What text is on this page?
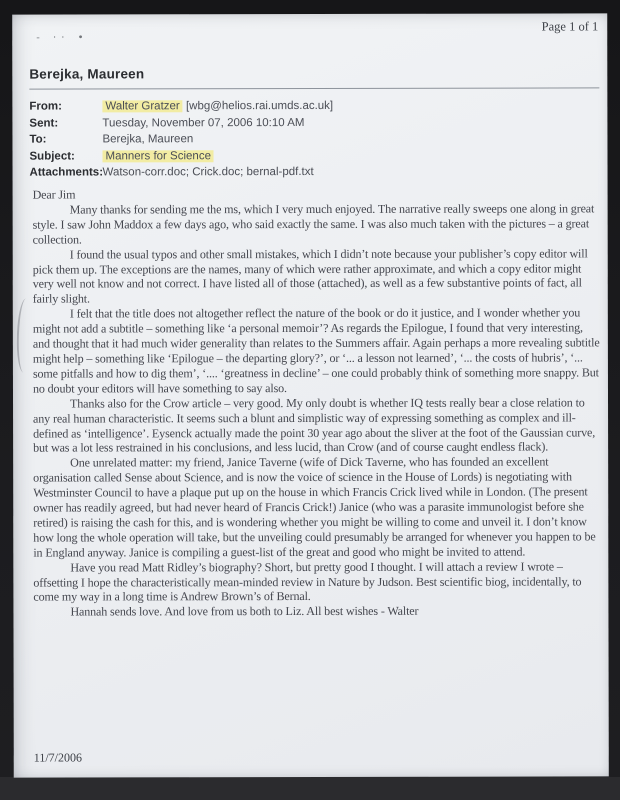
Page 1 of 1
- ·· •
Berejka, Maureen
From:	Walter Gratzer [wbg@helios.rai.umds.ac.uk]
Sent:	Tuesday, November 07, 2006 10:10 AM
To:	Berejka, Maureen
Subject:	Manners for Science
Attachments: Watson-corr.doc; Crick.doc; bernal-pdf.txt

Dear Jim

Many thanks for sending me the ms, which I very much enjoyed. The narrative really sweeps one along in great style. I saw John Maddox a few days ago, who said exactly the same. I was also much taken with the pictures – a great collection.

I found the usual typos and other small mistakes, which I didn’t note because your publisher’s copy editor will pick them up. The exceptions are the names, many of which were rather approximate, and which a copy editor might very well not know and not correct. I have listed all of those (attached), as well as a few substantive points of fact, all fairly slight.

I felt that the title does not altogether reflect the nature of the book or do it justice, and I wonder whether you might not add a subtitle – something like ‘a personal memoir’? As regards the Epilogue, I found that very interesting, and thought that it had much wider generality than relates to the Summers affair. Again perhaps a more revealing subtitle might help – something like ‘Epilogue – the departing glory?’, or ‘... a lesson not learned’, ‘... the costs of hubris’, ‘... some pitfalls and how to dig them’, ‘.... ‘greatness in decline’ – one could probably think of something more snappy. But no doubt your editors will have something to say also.

Thanks also for the Crow article – very good. My only doubt is whether IQ tests really bear a close relation to any real human characteristic. It seems such a blunt and simplistic way of expressing something as complex and ill-defined as ‘intelligence’. Eysenck actually made the point 30 year ago about the sliver at the foot of the Gaussian curve, but was a lot less restrained in his conclusions, and less lucid, than Crow (and of course caught endless flack).

One unrelated matter: my friend, Janice Taverne (wife of Dick Taverne, who has founded an excellent organisation called Sense about Science, and is now the voice of science in the House of Lords) is negotiating with Westminster Council to have a plaque put up on the house in which Francis Crick lived while in London. (The present owner has readily agreed, but had never heard of Francis Crick!) Janice (who was a parasite immunologist before she retired) is raising the cash for this, and is wondering whether you might be willing to come and unveil it. I don’t know how long the whole operation will take, but the unveiling could presumably be arranged for whenever you happen to be in England anyway. Janice is compiling a guest-list of the great and good who might be invited to attend.

Have you read Matt Ridley’s biography? Short, but pretty good I thought. I will attach a review I wrote – offsetting I hope the characteristically mean-minded review in Nature by Judson. Best scientific biog, incidentally, to come my way in a long time is Andrew Brown’s of Bernal.

Hannah sends love. And love from us both to Liz. All best wishes - Walter

11/7/2006
